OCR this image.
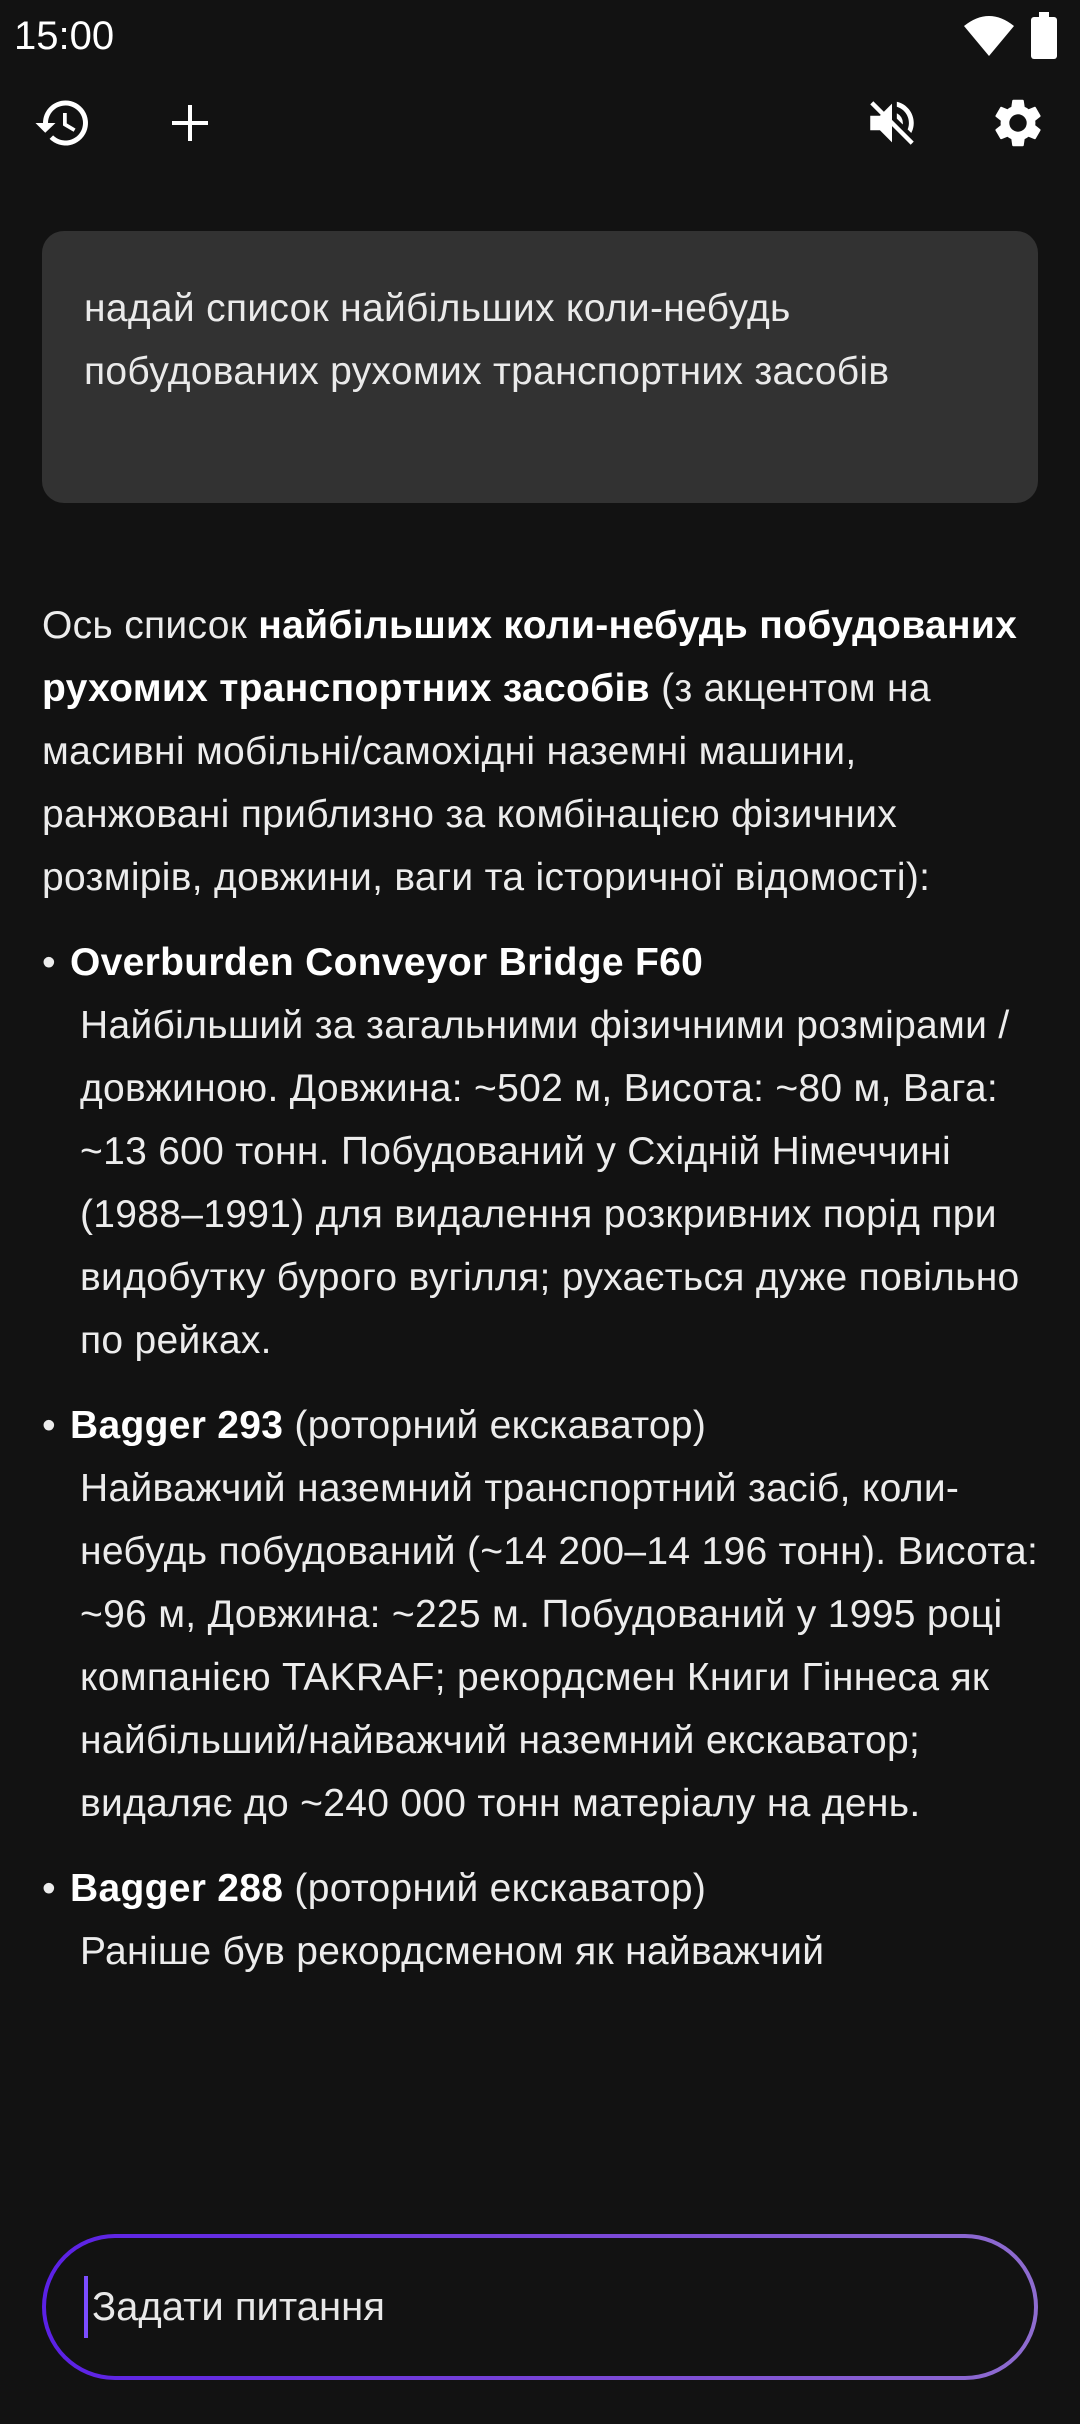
15:00
надай список найбільших коли-небудь побудованих рухомих транспортних засобів

Ось список найбільших коли-небудь побудованих рухомих транспортних засобів (з акцентом на масивні мобільні/самохідні наземні машини, ранжовані приблизно за комбінацією фізичних розмірів, довжини, ваги та історичної відомості):

• Overburden Conveyor Bridge F60
Найбільший за загальними фізичними розмірами / довжиною. Довжина: ~502 м, Висота: ~80 м, Вага: ~13 600 тонн. Побудований у Східній Німеччині (1988–1991) для видалення розкривних порід при видобутку бурого вугілля; рухається дуже повільно по рейках.
• Bagger 293 (роторний екскаватор)
Найважчий наземний транспортний засіб, коли-небудь побудований (~14 200–14 196 тонн). Висота: ~96 м, Довжина: ~225 м. Побудований у 1995 році компанією TAKRAF; рекордсмен Книги Гіннеса як найбільший/найважчий наземний екскаватор; видаляє до ~240 000 тонн матеріалу на день.
• Bagger 288 (роторний екскаватор)
Раніше був рекордсменом як найважчий
Задати питання
